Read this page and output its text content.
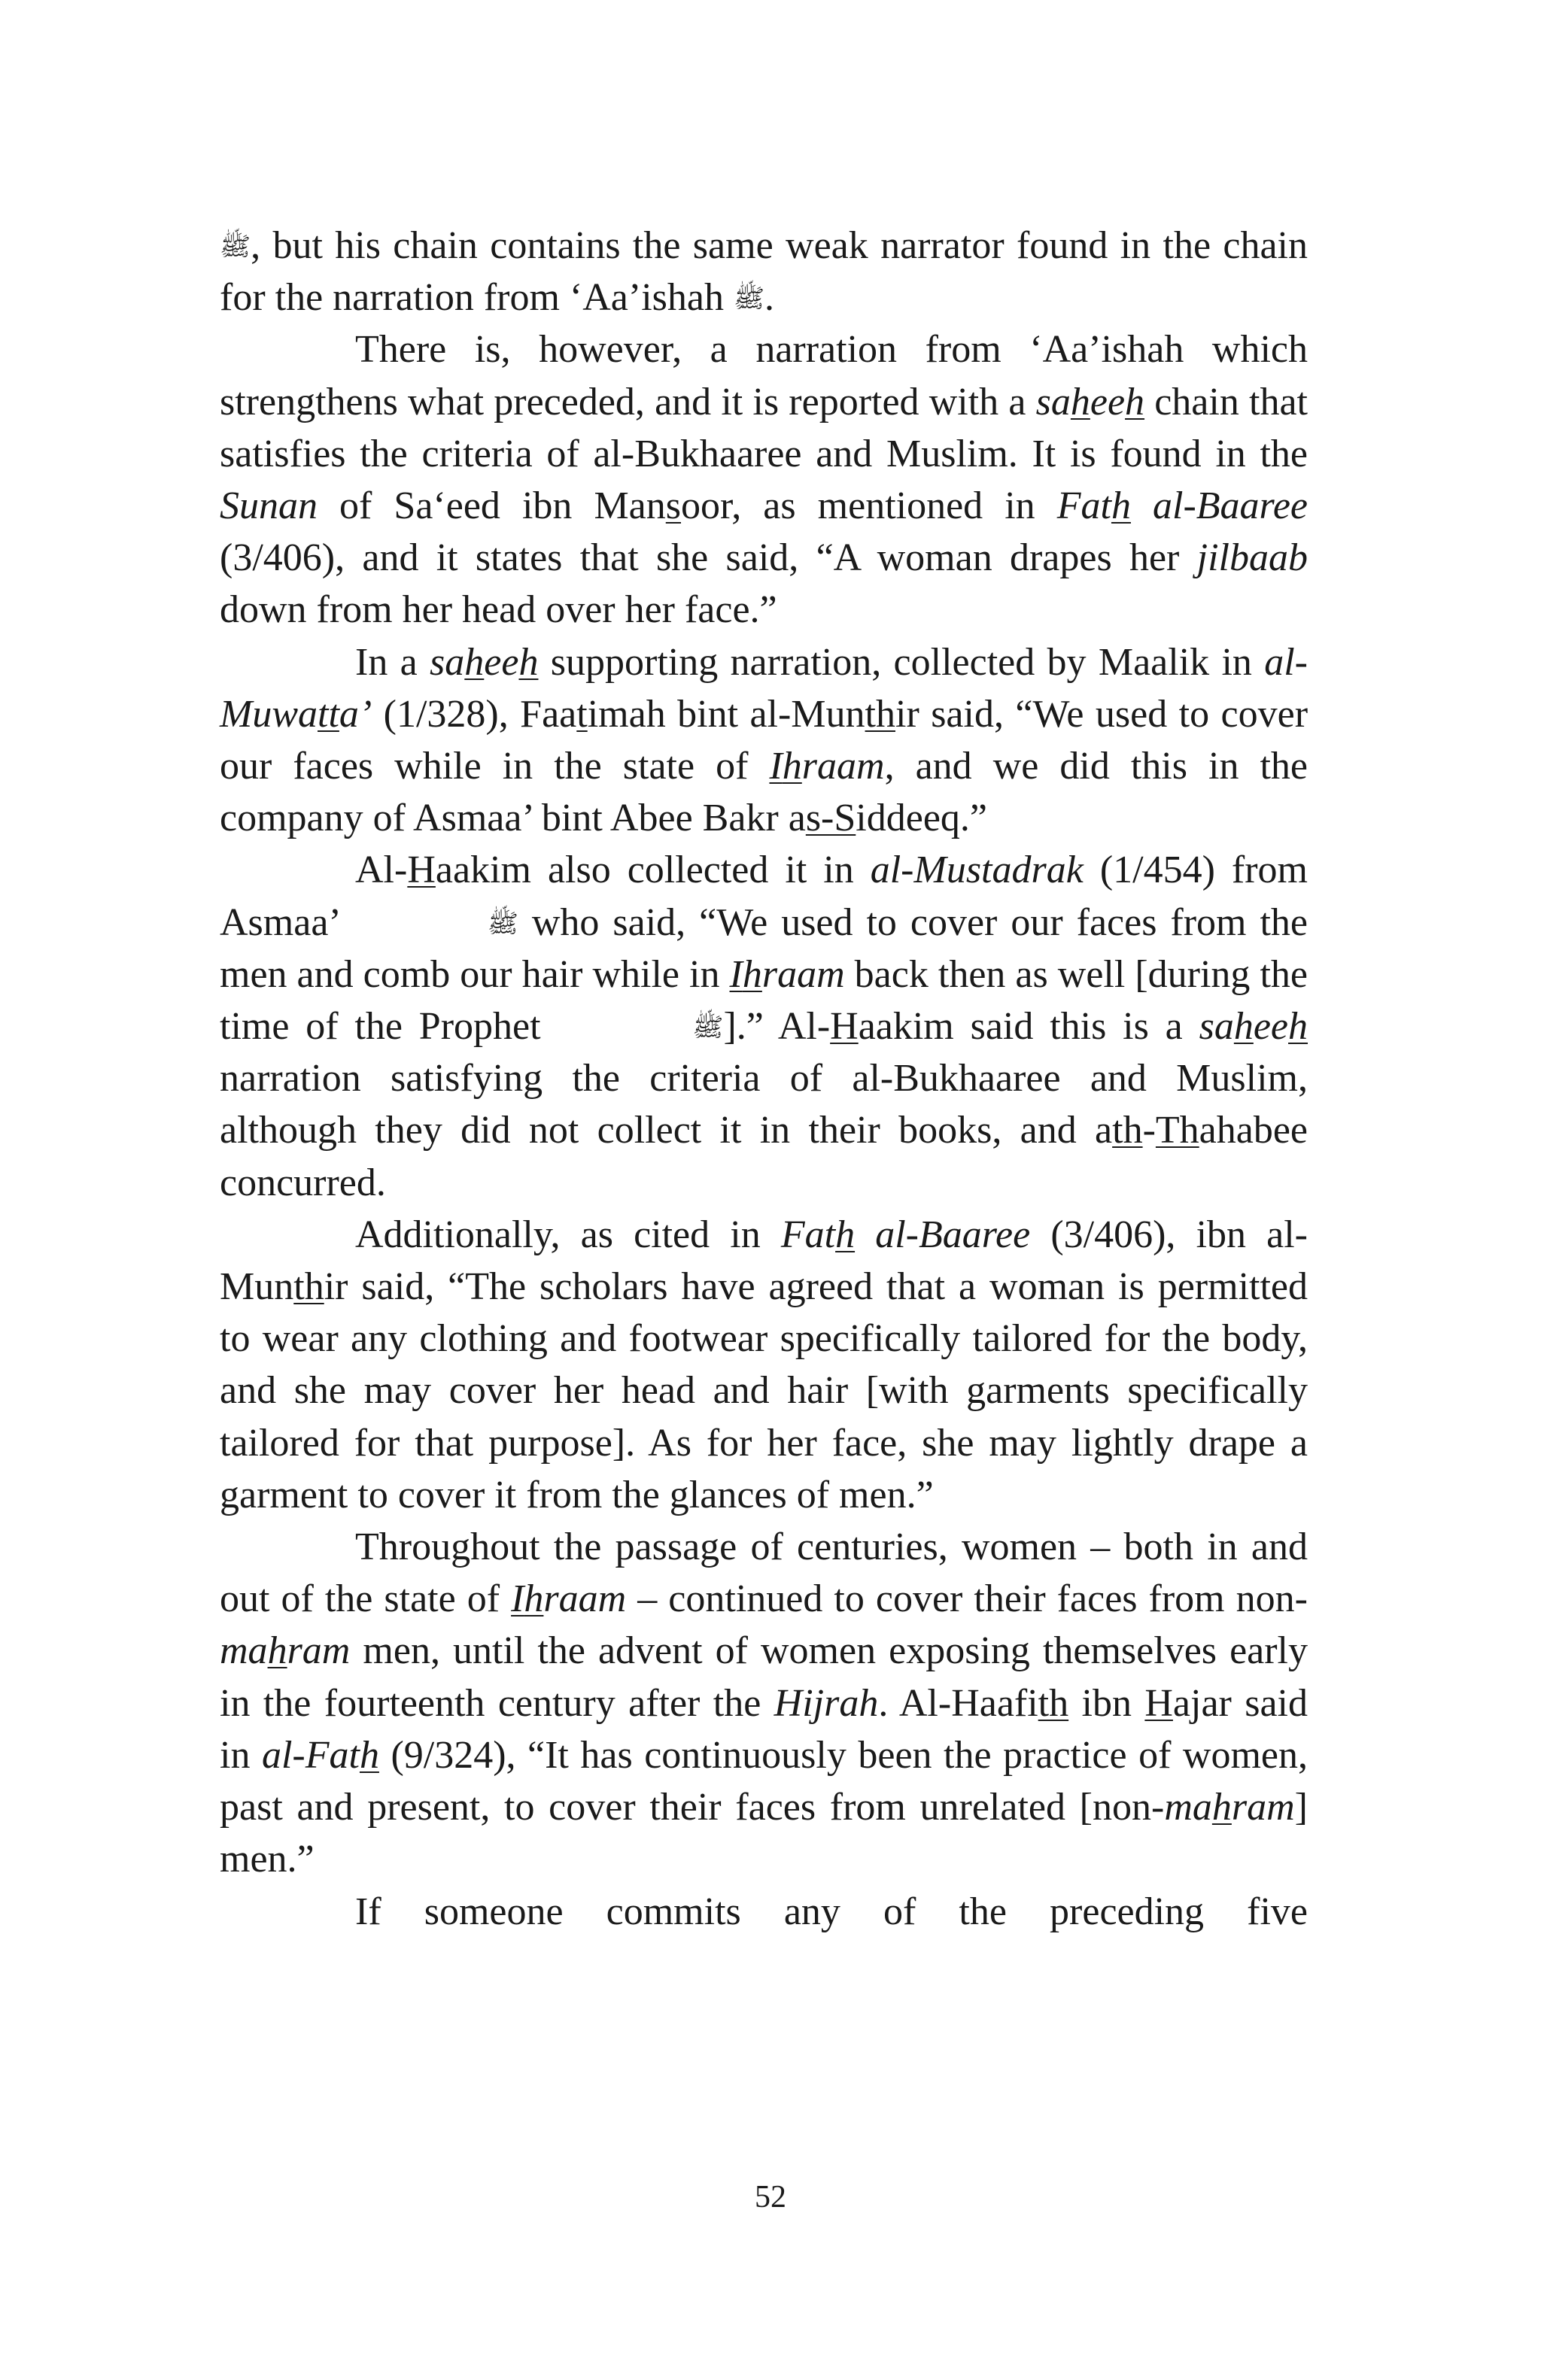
ﷺ, but his chain contains the same weak narrator found in the chain for the narration from ‘Aa’ishah ﷺ.

There is, however, a narration from ‘Aa’ishah which strengthens what preceded, and it is reported with a saheeh chain that satisfies the criteria of al-Bukhaaree and Muslim. It is found in the Sunan of Sa‘eed ibn Mansoor, as mentioned in Fath al-Baaree (3/406), and it states that she said, “A woman drapes her jilbaab down from her head over her face.”

In a saheeh supporting narration, collected by Maalik in al-Muwatta’ (1/328), Faatimah bint al-Munthir said, “We used to cover our faces while in the state of Ihraam, and we did this in the company of Asmaa’ bint Abee Bakr as-Siddeeq.”

Al-Haakim also collected it in al-Mustadrak (1/454) from Asmaa’	ﷺ who said, “We used to cover our faces from the men and comb our hair while in Ihraam back then as well [during the time of the Prophet	ﷺ].” Al-Haakim said this is a saheeh narration satisfying the criteria of al-Bukhaaree and Muslim, although they did not collect it in their books, and ath-Thahabee concurred.

Additionally, as cited in Fath al-Baaree (3/406), ibn al-Munthir said, “The scholars have agreed that a woman is permitted to wear any clothing and footwear specifically tailored for the body, and she may cover her head and hair [with garments specifically tailored for that purpose]. As for her face, she may lightly drape a garment to cover it from the glances of men.”

Throughout the passage of centuries, women – both in and out of the state of Ihraam – continued to cover their faces from non-mahram men, until the advent of women exposing themselves early in the fourteenth century after the Hijrah. Al-Haafith ibn Hajar said in al-Fath (9/324), “It has continuously been the practice of women, past and present, to cover their faces from unrelated [non-mahram] men.”

If someone commits any of the preceding five

52
